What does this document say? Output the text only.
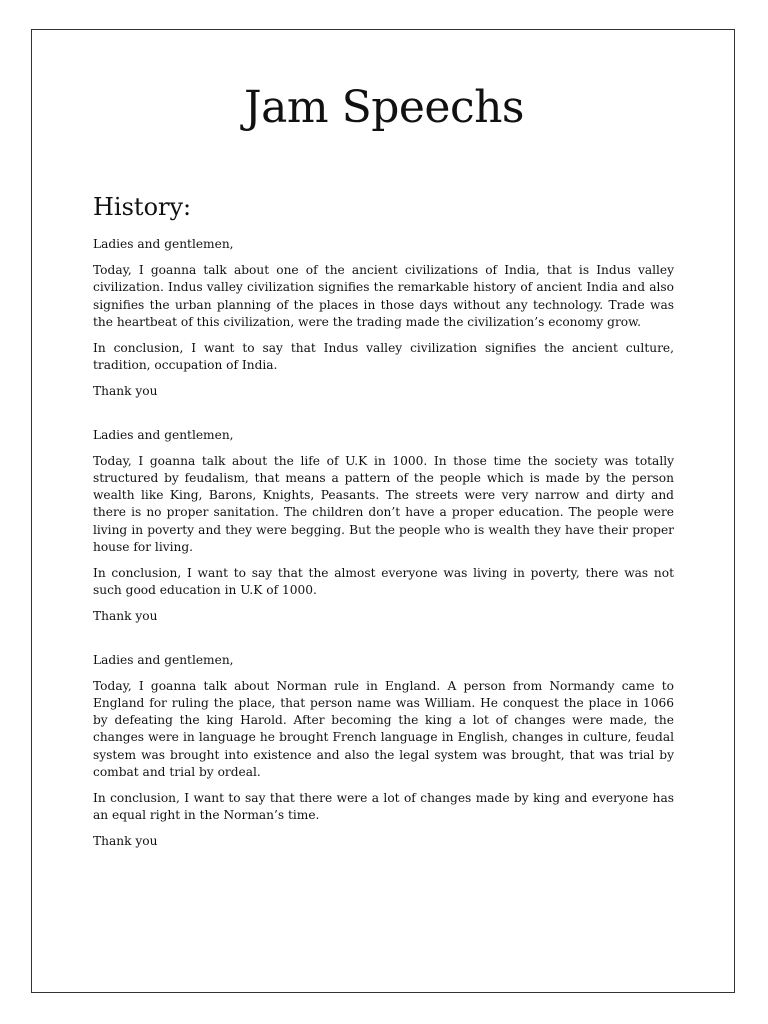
Jam Speechs
History:

Ladies and gentlemen,

Today, I goanna talk about one of the ancient civilizations of India, that is Indus valley civilization. Indus valley civilization signifies the remarkable history of ancient India and also signifies the urban planning of the places in those days without any technology. Trade was the heartbeat of this civilization, were the trading made the civilization’s economy grow.

In conclusion, I want to say that Indus valley civilization signifies the ancient culture, tradition, occupation of India.

Thank you

Ladies and gentlemen,

Today, I goanna talk about the life of U.K in 1000. In those time the society was totally structured by feudalism, that means a pattern of the people which is made by the person wealth like King, Barons, Knights, Peasants. The streets were very narrow and dirty and there is no proper sanitation. The children don’t have a proper education. The people were living in poverty and they were begging. But the people who is wealth they have their proper house for living.

In conclusion, I want to say that the almost everyone was living in poverty, there was not such good education in U.K of 1000.

Thank you

Ladies and gentlemen,

Today, I goanna talk about Norman rule in England. A person from Normandy came to England for ruling the place, that person name was William. He conquest the place in 1066 by defeating the king Harold. After becoming the king a lot of changes were made, the changes were in language he brought French language in English, changes in culture, feudal system was brought into existence and also the legal system was brought, that was trial by combat and trial by ordeal.

In conclusion, I want to say that there were a lot of changes made by king and everyone has an equal right in the Norman’s time.

Thank you
